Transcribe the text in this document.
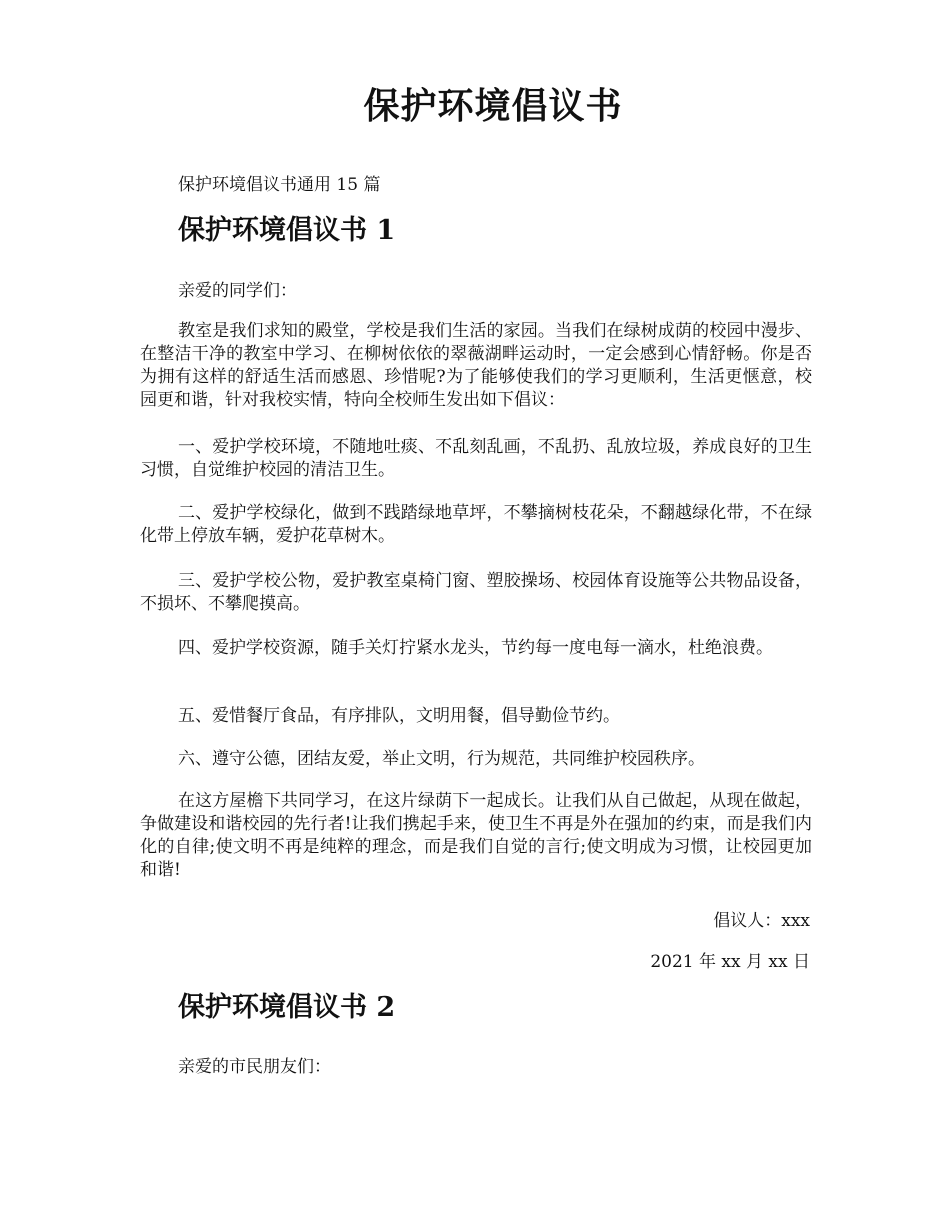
保护环境倡议书

保护环境倡议书通用 15 篇

保护环境倡议书 1

亲爱的同学们：

教室是我们求知的殿堂，学校是我们生活的家园。当我们在绿树成荫的校园中漫步、在整洁干净的教室中学习、在柳树依依的翠薇湖畔运动时，一定会感到心情舒畅。你是否为拥有这样的舒适生活而感恩、珍惜呢?为了能够使我们的学习更顺利，生活更惬意，校园更和谐，针对我校实情，特向全校师生发出如下倡议：

一、爱护学校环境，不随地吐痰、不乱刻乱画，不乱扔、乱放垃圾，养成良好的卫生习惯，自觉维护校园的清洁卫生。

二、爱护学校绿化，做到不践踏绿地草坪，不攀摘树枝花朵，不翻越绿化带，不在绿化带上停放车辆，爱护花草树木。

三、爱护学校公物，爱护教室桌椅门窗、塑胶操场、校园体育设施等公共物品设备，不损坏、不攀爬摸高。

四、爱护学校资源，随手关灯拧紧水龙头，节约每一度电每一滴水，杜绝浪费。

五、爱惜餐厅食品，有序排队，文明用餐，倡导勤俭节约。

六、遵守公德，团结友爱，举止文明，行为规范，共同维护校园秩序。

在这方屋檐下共同学习，在这片绿荫下一起成长。让我们从自己做起，从现在做起，争做建设和谐校园的先行者!让我们携起手来，使卫生不再是外在强加的约束，而是我们内化的自律;使文明不再是纯粹的理念，而是我们自觉的言行;使文明成为习惯，让校园更加和谐!

倡议人：xxx

2021 年 xx 月 xx 日

保护环境倡议书 2

亲爱的市民朋友们：
